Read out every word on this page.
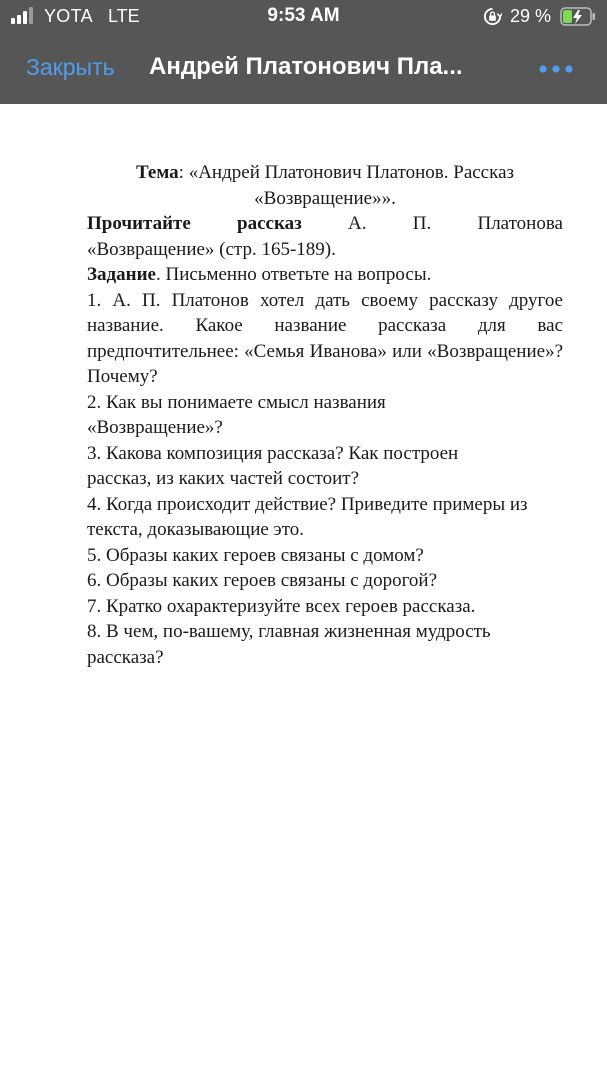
YOTA LTE	9:53 AM	29 %
Закрыть Андрей Платонович Пла...

Тема: «Андрей Платонович Платонов. Рассказ

«Возвращение»».

Прочитайте рассказ А. П. Платонова

«Возвращение» (стр. 165-189).

Задание. Письменно ответьте на вопросы.

1. А. П. Платонов хотел дать своему рассказу другое название. Какое название рассказа для вас предпочтительнее: «Семья Иванова» или «Возвращение»? Почему?

2. Как вы понимаете смысл названия «Возвращение»?

3. Какова композиция рассказа? Как построен рассказ, из каких частей состоит?

4. Когда происходит действие? Приведите примеры из текста, доказывающие это.

5. Образы каких героев связаны с домом?

6. Образы каких героев связаны с дорогой?

7. Кратко охарактеризуйте всех героев рассказа.

8. В чем, по-вашему, главная жизненная мудрость рассказа?
